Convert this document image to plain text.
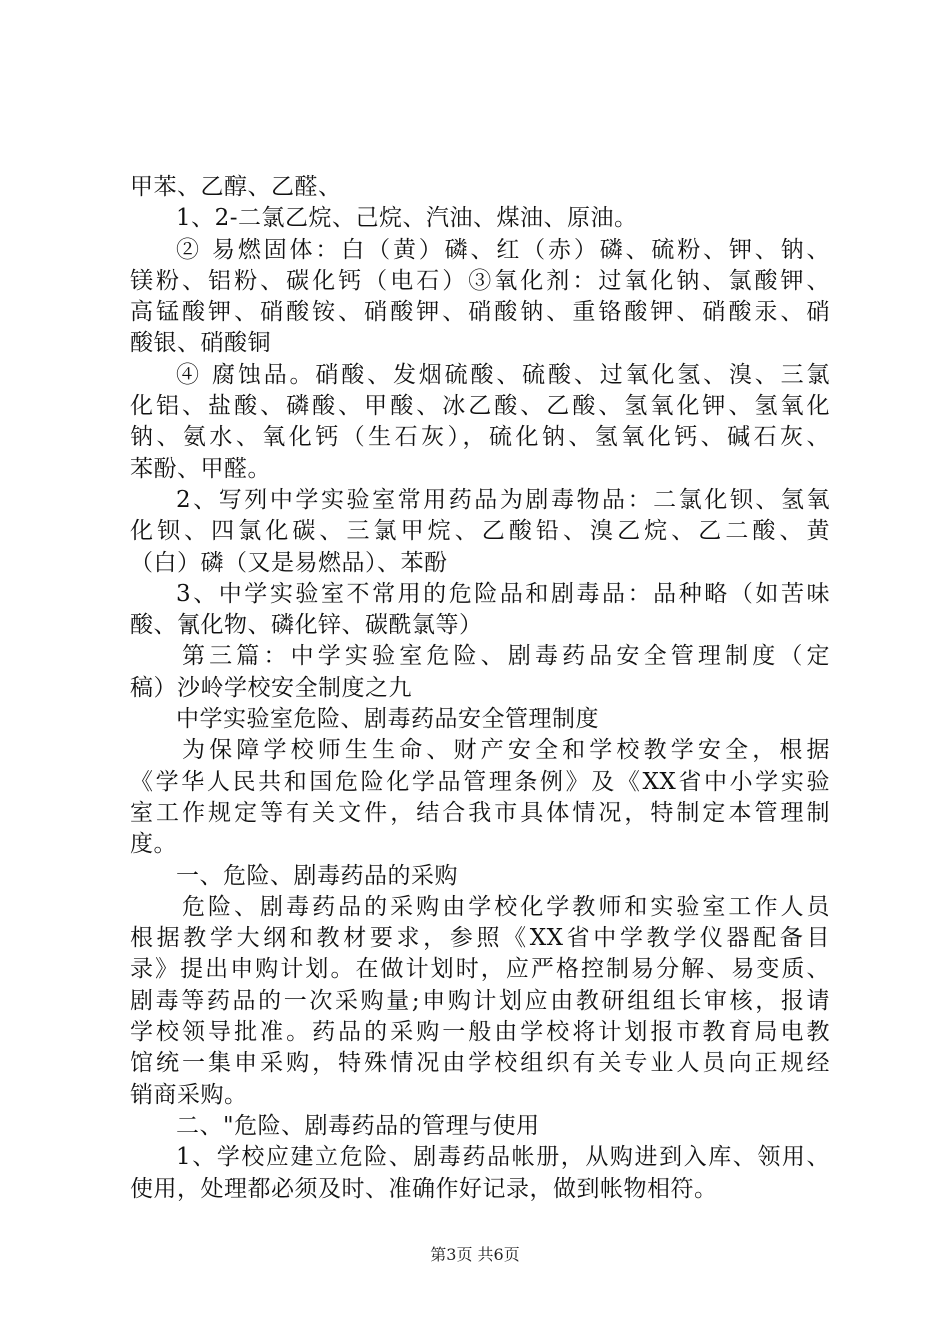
甲苯、乙醇、乙醛、
1、2-二氯乙烷、己烷、汽油、煤油、原油。
② 易燃固体：白（黄）磷、红（赤）磷、硫粉、钾、钠、
镁粉、铝粉、碳化钙（电石）③氧化剂：过氧化钠、氯酸钾、
高锰酸钾、硝酸铵、硝酸钾、硝酸钠、重铬酸钾、硝酸汞、硝
酸银、硝酸铜
④ 腐蚀品。硝酸、发烟硫酸、硫酸、过氧化氢、溴、三氯
化铝、盐酸、磷酸、甲酸、冰乙酸、乙酸、氢氧化钾、氢氧化
钠、氨水、氧化钙（生石灰），硫化钠、氢氧化钙、碱石灰、
苯酚、甲醛。
2、写列中学实验室常用药品为剧毒物品：二氯化钡、氢氧
化钡、四氯化碳、三氯甲烷、乙酸铅、溴乙烷、乙二酸、黄
（白）磷（又是易燃品）、苯酚
3、中学实验室不常用的危险品和剧毒品：品种略（如苦味
酸、氰化物、磷化锌、碳酰氯等）
第三篇：中学实验室危险、剧毒药品安全管理制度（定
稿）沙岭学校安全制度之九
中学实验室危险、剧毒药品安全管理制度
为保障学校师生生命、财产安全和学校教学安全，根据
《学华人民共和国危险化学品管理条例》及《XX省中小学实验
室工作规定等有关文件，结合我市具体情况，特制定本管理制
度。
一、危险、剧毒药品的采购
危险、剧毒药品的采购由学校化学教师和实验室工作人员
根据教学大纲和教材要求，参照《XX省中学教学仪器配备目
录》提出申购计划。在做计划时，应严格控制易分解、易变质、
剧毒等药品的一次采购量;申购计划应由教研组组长审核，报请
学校领导批准。药品的采购一般由学校将计划报市教育局电教
馆统一集申采购，特殊情况由学校组织有关专业人员向正规经
销商采购。
二、"危险、剧毒药品的管理与使用
1、学校应建立危险、剧毒药品帐册，从购进到入库、领用、
使用，处理都必须及时、准确作好记录，做到帐物相符。
第3页 共6页
